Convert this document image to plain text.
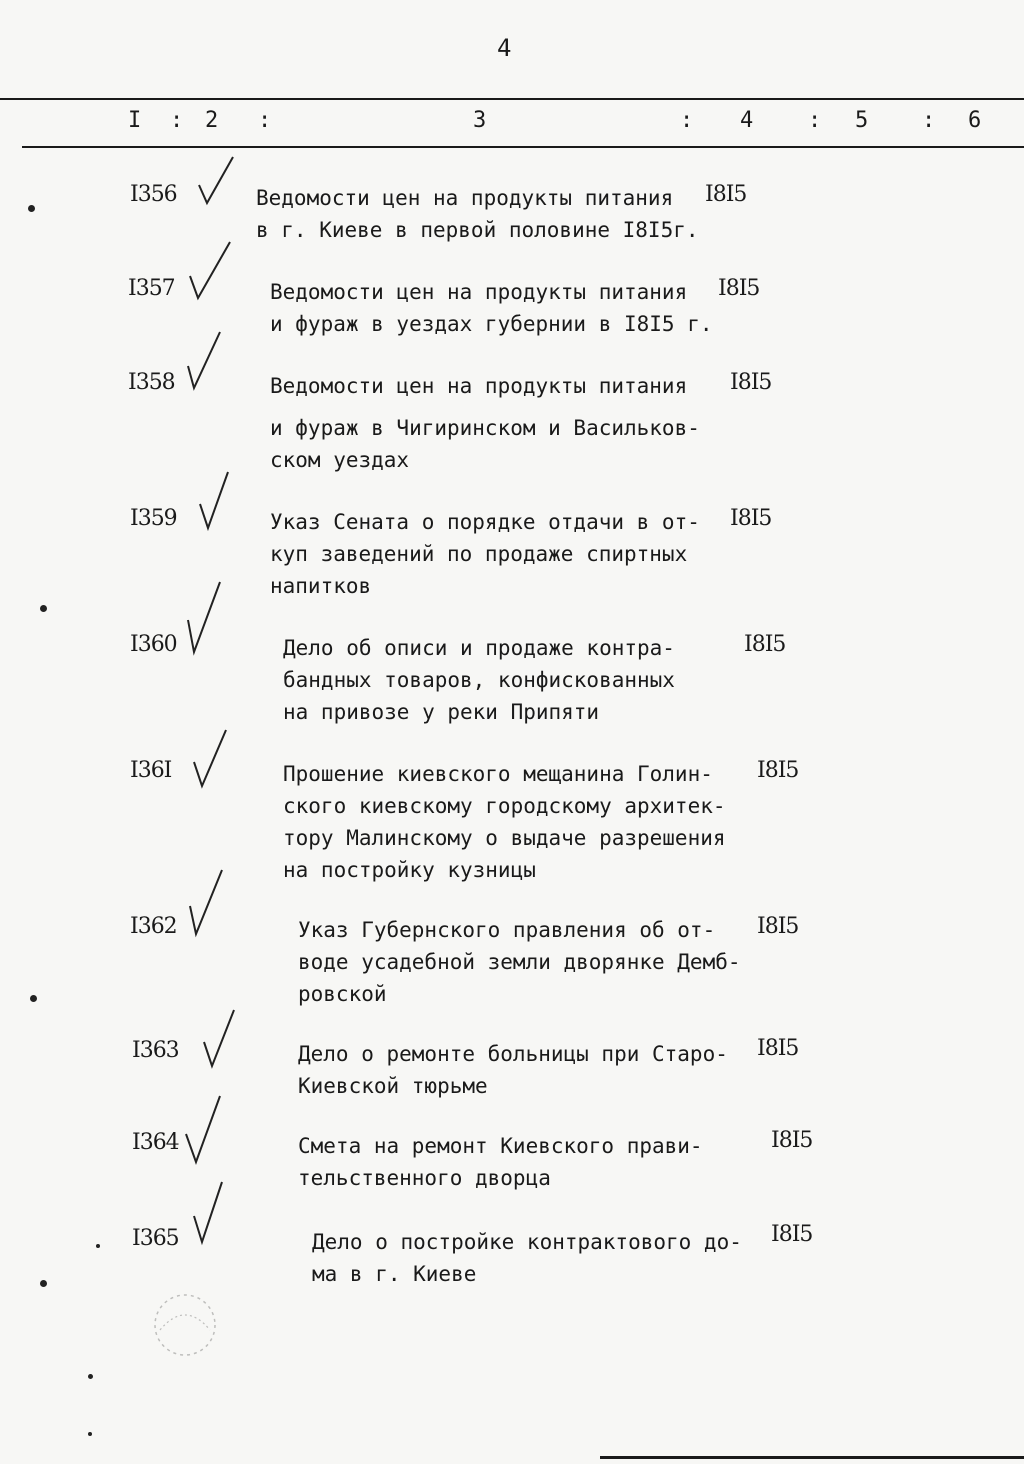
4
I : 2 :	3	: 4 : 5 : 6
I356	Ведомости цен на продукты питания
в г. Киеве в первой половине I8I5г.
I8I5
I357	Ведомости цен на продукты питания
и фураж в уездах губернии в I8I5 г.
I8I5
I358	Ведомости цен на продукты питания
и фураж в Чигиринском и Васильков-
ском уездах
I8I5
I359	Указ Сената о порядке отдачи в от-
куп заведений по продаже спиртных
напитков
I8I5
I360	Дело об описи и продаже контра-
бандных товаров, конфискованных
на привозе у реки Припяти
I8I5
I36I	Прошение киевского мещанина Голин-
ского киевскому городскому архитек-
тору Малинскому о выдаче разрешения
на постройку кузницы
I8I5
I362	Указ Губернского правления об от-
воде усадебной земли дворянке Демб-
ровской
I8I5
I363	Дело о ремонте больницы при Старо-
Киевской тюрьме
I8I5
I364	Смета на ремонт Киевского прави-
тельственного дворца
I8I5
I365	Дело о постройке контрактового до-
ма в г. Киеве
I8I5
